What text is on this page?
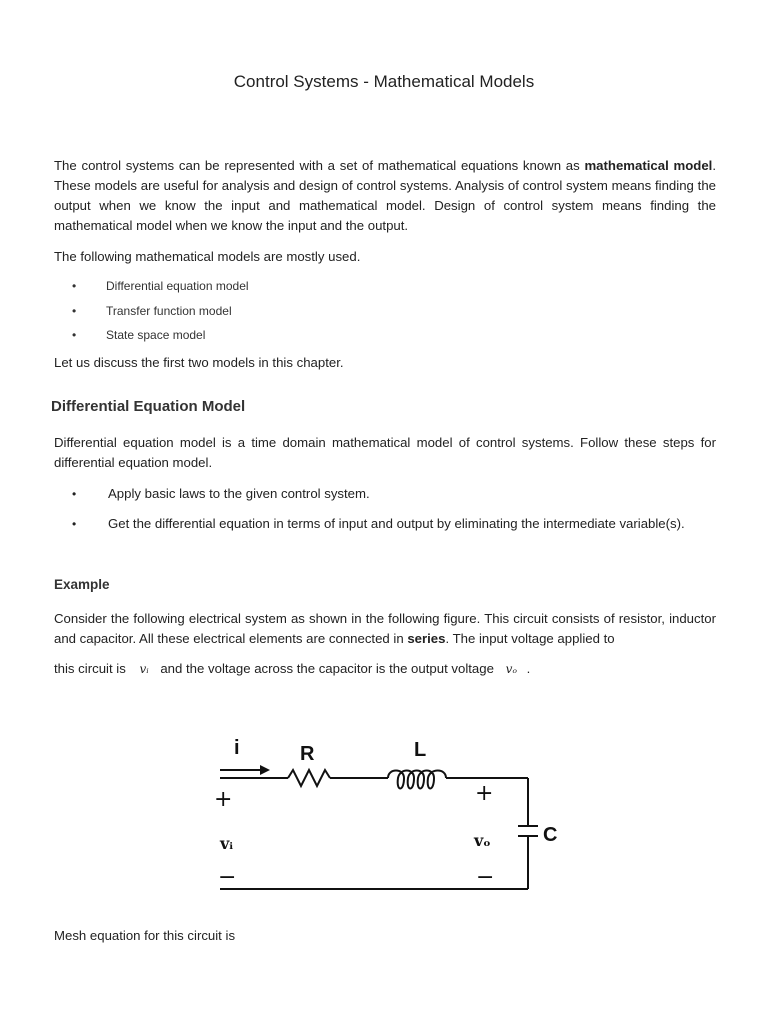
Control Systems - Mathematical Models
The control systems can be represented with a set of mathematical equations known as mathematical model. These models are useful for analysis and design of control systems. Analysis of control system means finding the output when we know the input and mathematical model. Design of control system means finding the mathematical model when we know the input and the output.
The following mathematical models are mostly used.
• Differential equation model
• Transfer function model
• State space model
Let us discuss the first two models in this chapter.
Differential Equation Model
Differential equation model is a time domain mathematical model of control systems. Follow these steps for differential equation model.
• Apply basic laws to the given control system.
• Get the differential equation in terms of input and output by eliminating the intermediate variable(s).
Example
Consider the following electrical system as shown in the following figure. This circuit consists of resistor, inductor and capacitor. All these electrical elements are connected in series. The input voltage applied to
this circuit is vᵢ and the voltage across the capacitor is the output voltage vₒ .
i	R	L
C
+
vᵢ
−
+
vₒ
−
Mesh equation for this circuit is
